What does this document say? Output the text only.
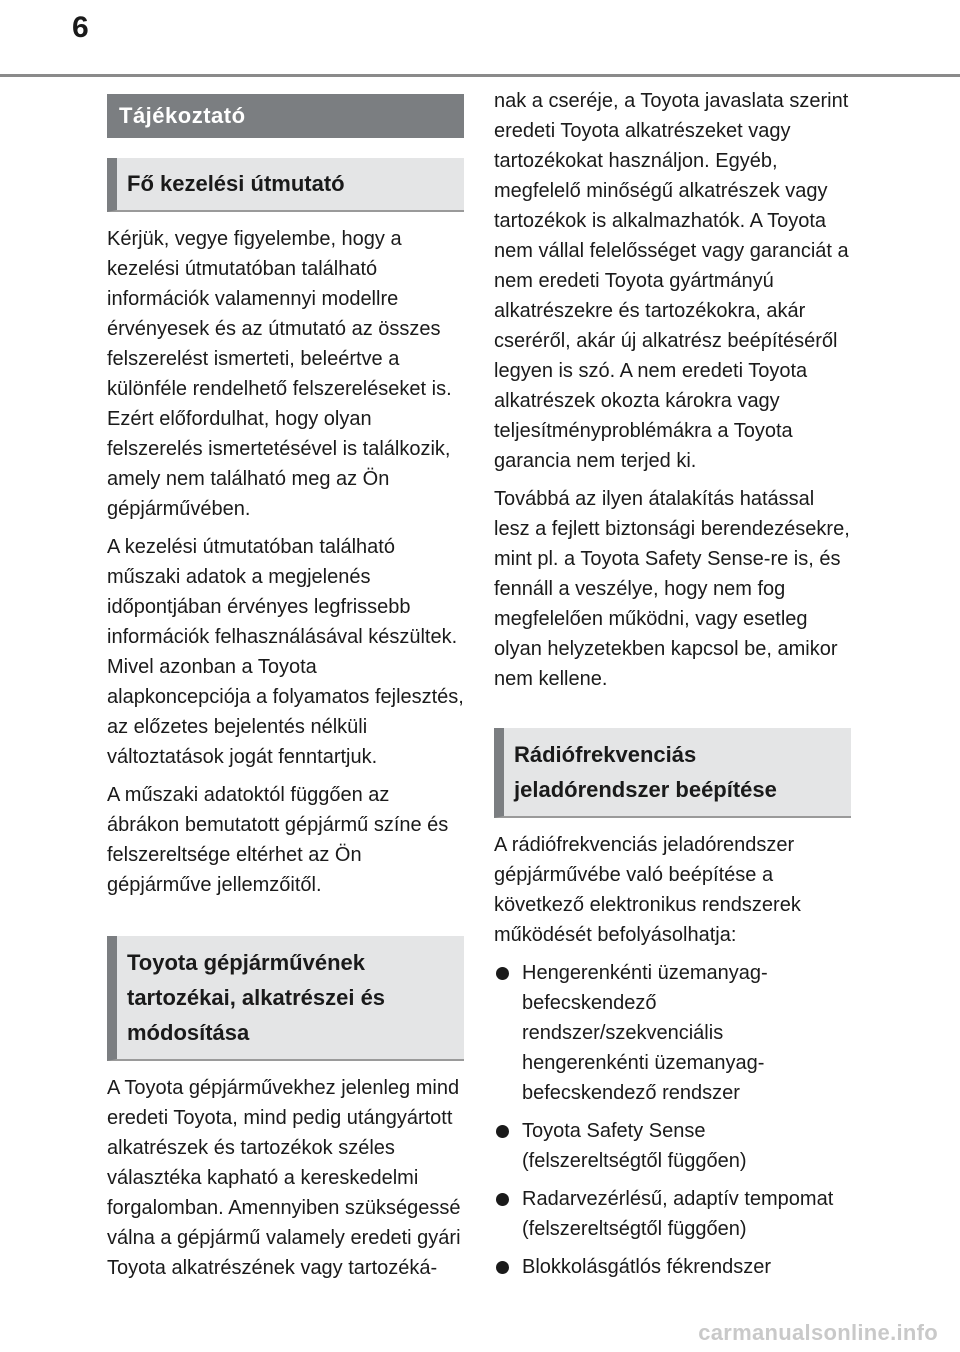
6
Tájékoztató
Fő kezelési útmutató

Kérjük, vegye figyelembe, hogy a kezelési útmutatóban található információk valamennyi modellre érvényesek és az útmutató az összes felszerelést ismerteti, beleértve a különféle rendelhető felszereléseket is. Ezért előfordulhat, hogy olyan felszerelés ismertetésével is találkozik, amely nem található meg az Ön gépjárművében.

A kezelési útmutatóban található műszaki adatok a megjelenés időpontjában érvényes legfrissebb információk felhasználásával készültek. Mivel azonban a Toyota alapkoncepciója a folyamatos fejlesztés, az előzetes bejelentés nélküli változtatások jogát fenntartjuk.

A műszaki adatoktól függően az ábrákon bemutatott gépjármű színe és felszereltsége eltérhet az Ön gépjárműve jellemzőitől.

Toyota gépjárművének tartozékai, alkatrészei és módosítása

A Toyota gépjárművekhez jelenleg mind eredeti Toyota, mind pedig utángyártott alkatrészek és tartozékok széles választéka kapható a kereskedelmi forgalomban. Amennyiben szükségessé válna a gépjármű valamely eredeti gyári Toyota alkatrészének vagy tartozéká-

nak a cseréje, a Toyota javaslata szerint eredeti Toyota alkatrészeket vagy tartozékokat használjon. Egyéb, megfelelő minőségű alkatrészek vagy tartozékok is alkalmazhatók. A Toyota nem vállal felelősséget vagy garanciát a nem eredeti Toyota gyártmányú alkatrészekre és tartozékokra, akár cseréről, akár új alkatrész beépítéséről legyen is szó. A nem eredeti Toyota alkatrészek okozta károkra vagy teljesítményproblémákra a Toyota garancia nem terjed ki.

Továbbá az ilyen átalakítás hatással lesz a fejlett biztonsági berendezésekre, mint pl. a Toyota Safety Sense-re is, és fennáll a veszélye, hogy nem fog megfelelően működni, vagy esetleg olyan helyzetekben kapcsol be, amikor nem kellene.

Rádiófrekvenciás jeladórendszer beépítése

A rádiófrekvenciás jeladórendszer gépjárművébe való beépítése a következő elektronikus rendszerek működését befolyásolhatja:

Hengerenkénti üzemanyag-befecskendező rendszer/szekvenciális hengerenkénti üzemanyag-befecskendező rendszer
Toyota Safety Sense (felszereltségtől függően)
Radarvezérlésű, adaptív tempomat (felszereltségtől függően)
Blokkolásgátlós fékrendszer
carmanualsonline.info
